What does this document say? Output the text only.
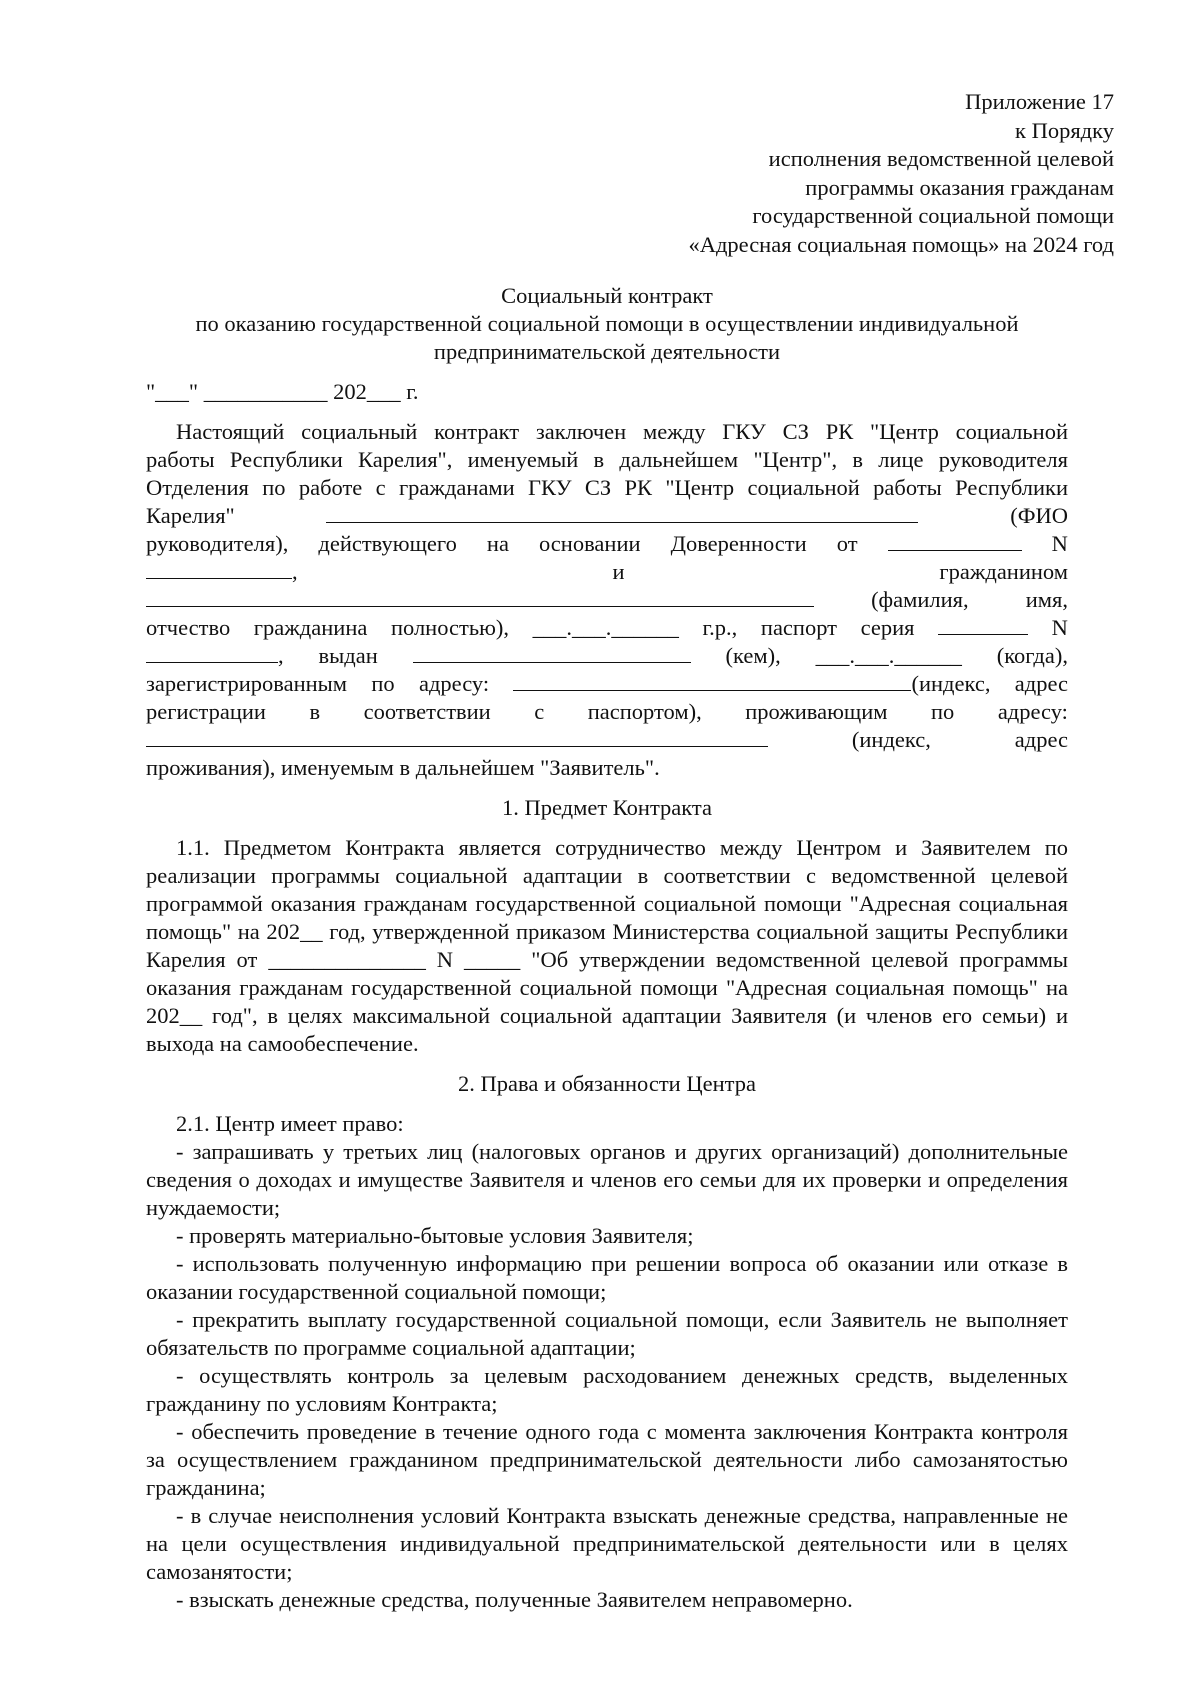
Приложение 17
к Порядку
исполнения ведомственной целевой
программы оказания гражданам
государственной социальной помощи
«Адресная социальная помощь» на 2024 год
Социальный контракт
по оказанию государственной социальной помощи в осуществлении индивидуальной
предпринимательской деятельности
"___" ___________ 202___ г.
Настоящий социальный контракт заключен между ГКУ СЗ РК "Центр социальной
работы Республики Карелия", именуемый в дальнейшем "Центр", в лице руководителя
Отделения по работе с гражданами ГКУ СЗ РК "Центр социальной работы Республики
Карелия"	(ФИО
руководителя), действующего на основании Доверенности от	N
,	и	гражданином
(фамилия,	имя,
отчество гражданина полностью), ___.___.______ г.р., паспорт серия	N
, выдан	(кем), ___.___.______ (когда),
зарегистрированным по адресу:	(индекс, адрес
регистрации в соответствии с паспортом), проживающим по адресу:
(индекс,	адрес
проживания), именуемым в дальнейшем "Заявитель".
1. Предмет Контракта

1.1. Предметом Контракта является сотрудничество между Центром и Заявителем по реализации программы социальной адаптации в соответствии с ведомственной целевой программой оказания гражданам государственной социальной помощи "Адресная социальная помощь" на 202__ год, утвержденной приказом Министерства социальной защиты Республики Карелия от ______________ N _____ "Об утверждении ведомственной целевой программы оказания гражданам государственной социальной помощи "Адресная социальная помощь" на 202__ год", в целях максимальной социальной адаптации Заявителя (и членов его семьи) и выхода на самообеспечение.

2. Права и обязанности Центра

2.1. Центр имеет право:

- запрашивать у третьих лиц (налоговых органов и других организаций) дополнительные сведения о доходах и имуществе Заявителя и членов его семьи для их проверки и определения нуждаемости;

- проверять материально-бытовые условия Заявителя;

- использовать полученную информацию при решении вопроса об оказании или отказе в оказании государственной социальной помощи;

- прекратить выплату государственной социальной помощи, если Заявитель не выполняет обязательств по программе социальной адаптации;

- осуществлять контроль за целевым расходованием денежных средств, выделенных гражданину по условиям Контракта;

- обеспечить проведение в течение одного года с момента заключения Контракта контроля за осуществлением гражданином предпринимательской деятельности либо самозанятостью гражданина;

- в случае неисполнения условий Контракта взыскать денежные средства, направленные не на цели осуществления индивидуальной предпринимательской деятельности или в целях самозанятости;

- взыскать денежные средства, полученные Заявителем неправомерно.
